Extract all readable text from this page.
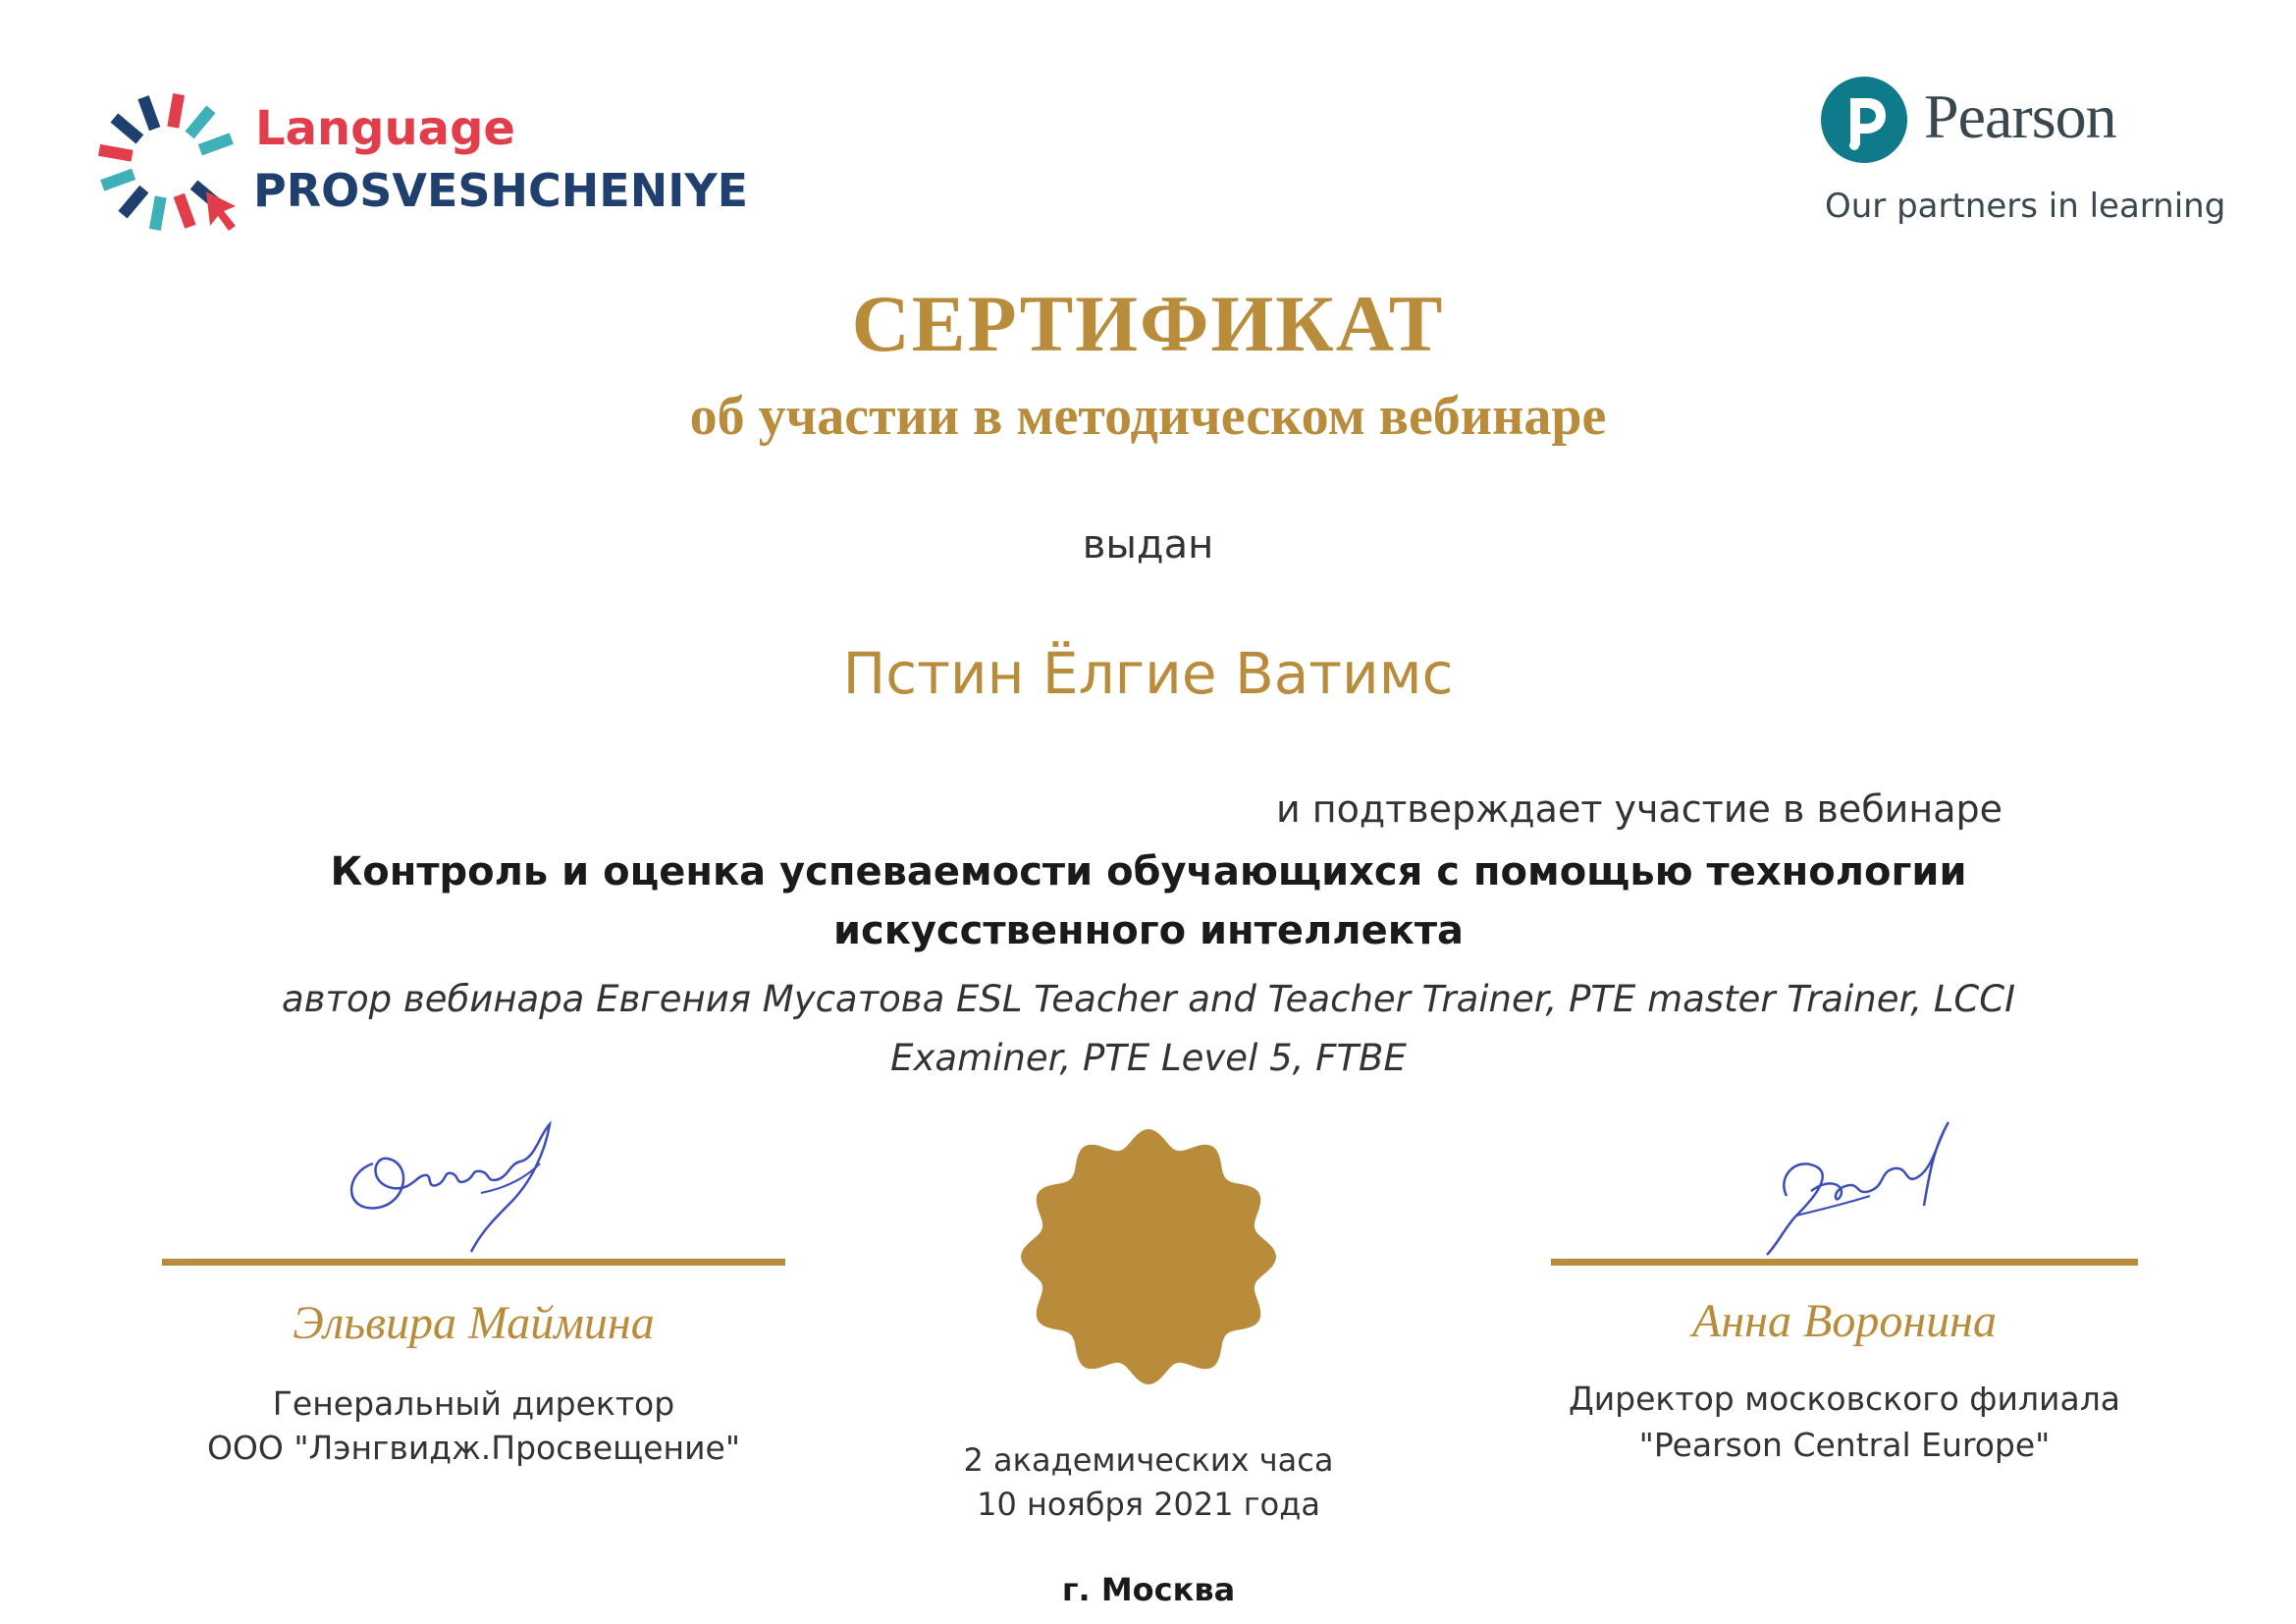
Language
PROSVESHCHENIYE
Pearson
Our partners in learning
СЕРТИФИКАТ
об участии в методическом вебинаре
выдан
Пстин Ёлгие Ватимс
и подтверждает участие в вебинаре
Контроль и оценка успеваемости обучающихся с помощью технологии искусственного интеллекта
автор вебинара Евгения Мусатова ESL Teacher and Teacher Trainer, PTE master Trainer, LCCI Examiner, PTE Level 5, FTBE
Эльвира Маймина
Генеральный директор
ООО "Лэнгвидж.Просвещение"
Анна Воронина
Директор московского филиала
"Pearson Central Europe"
2 академических часа
10 ноября 2021 года
г. Москва
